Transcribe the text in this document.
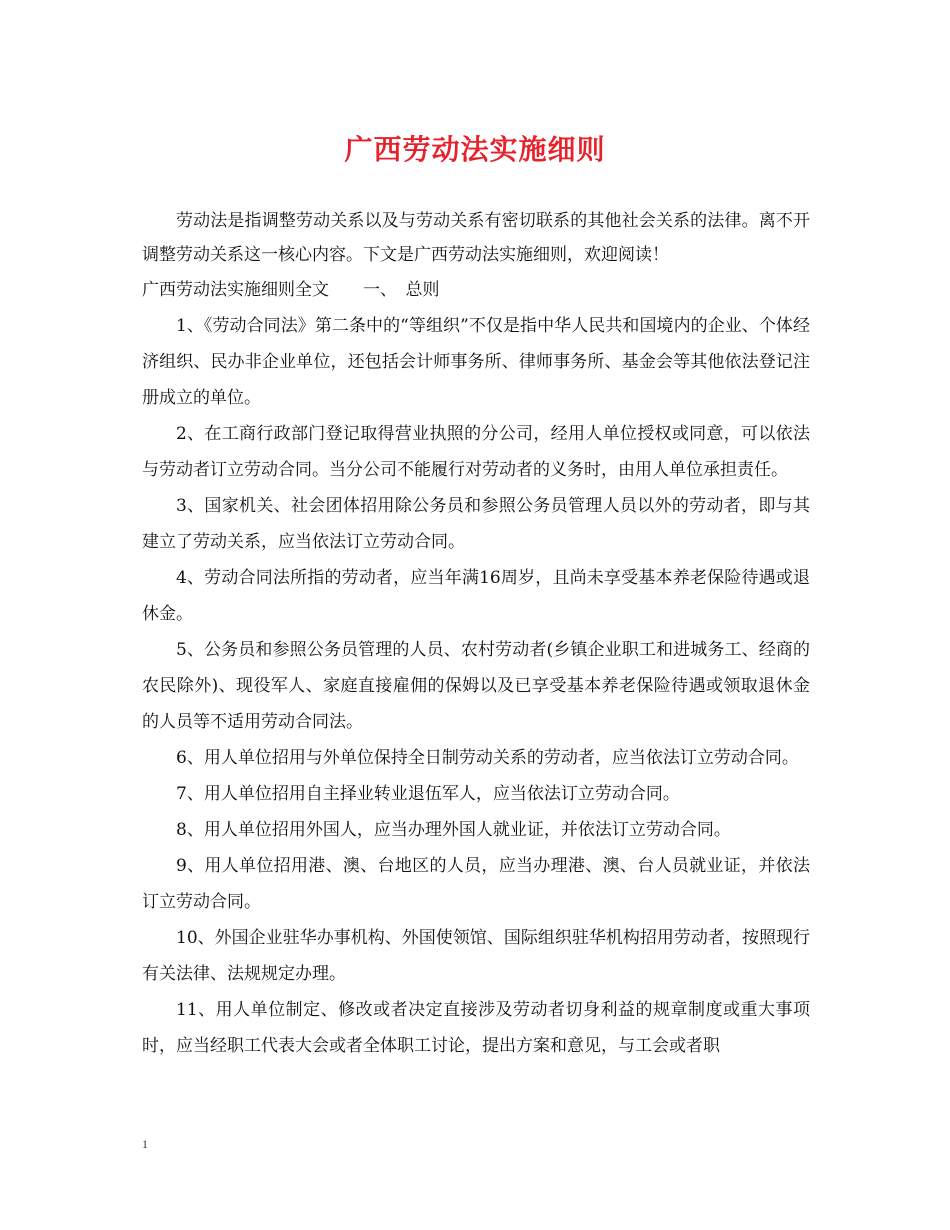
广西劳动法实施细则

劳动法是指调整劳动关系以及与劳动关系有密切联系的其他社会关系的法律。离不开调整劳动关系这一核心内容。下文是广西劳动法实施细则，欢迎阅读！

广西劳动法实施细则全文　　一、　总则

1、《劳动合同法》第二条中的“等组织”不仅是指中华人民共和国境内的企业、个体经济组织、民办非企业单位，还包括会计师事务所、律师事务所、基金会等其他依法登记注册成立的单位。

2、在工商行政部门登记取得营业执照的分公司，经用人单位授权或同意，可以依法与劳动者订立劳动合同。当分公司不能履行对劳动者的义务时，由用人单位承担责任。

3、国家机关、社会团体招用除公务员和参照公务员管理人员以外的劳动者，即与其建立了劳动关系，应当依法订立劳动合同。

4、劳动合同法所指的劳动者，应当年满16周岁，且尚未享受基本养老保险待遇或退休金。

5、公务员和参照公务员管理的人员、农村劳动者(乡镇企业职工和进城务工、经商的农民除外)、现役军人、家庭直接雇佣的保姆以及已享受基本养老保险待遇或领取退休金的人员等不适用劳动合同法。

6、用人单位招用与外单位保持全日制劳动关系的劳动者，应当依法订立劳动合同。

7、用人单位招用自主择业转业退伍军人，应当依法订立劳动合同。

8、用人单位招用外国人，应当办理外国人就业证，并依法订立劳动合同。

9、用人单位招用港、澳、台地区的人员，应当办理港、澳、台人员就业证，并依法订立劳动合同。

10、外国企业驻华办事机构、外国使领馆、国际组织驻华机构招用劳动者，按照现行有关法律、法规规定办理。

11、用人单位制定、修改或者决定直接涉及劳动者切身利益的规章制度或重大事项时，应当经职工代表大会或者全体职工讨论，提出方案和意见，与工会或者职

1
